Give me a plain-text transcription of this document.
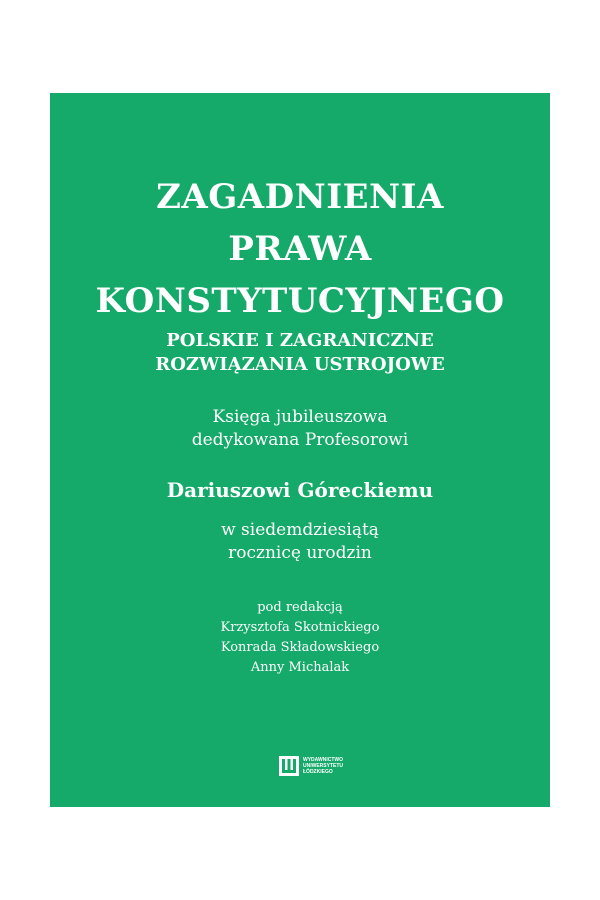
ZAGADNIENIA
PRAWA
KONSTYTUCYJNEGO
POLSKIE I ZAGRANICZNE
ROZWIĄZANIA USTROJOWE
Księga jubileuszowa
dedykowana Profesorowi
Dariuszowi Góreckiemu
w siedemdziesiątą
rocznicę urodzin
pod redakcją
Krzysztofa Skotnickiego
Konrada Składowskiego
Anny Michalak
WYDAWNICTWO
UNIWERSYTETU
ŁÓDZKIEGO
